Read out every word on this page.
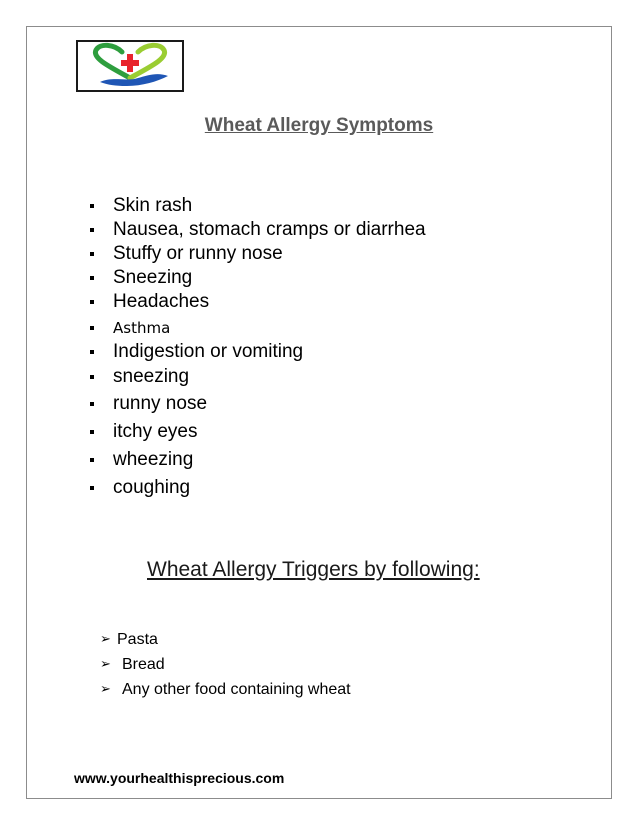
Wheat Allergy Symptoms
Skin rash
Nausea, stomach cramps or diarrhea
Stuffy or runny nose
Sneezing
Headaches
Asthma
Indigestion or vomiting
sneezing
runny nose
itchy eyes
wheezing
coughing
Wheat Allergy Triggers by following:
➢ Pasta
➢ Bread
➢ Any other food containing wheat
www.yourhealthisprecious.com
